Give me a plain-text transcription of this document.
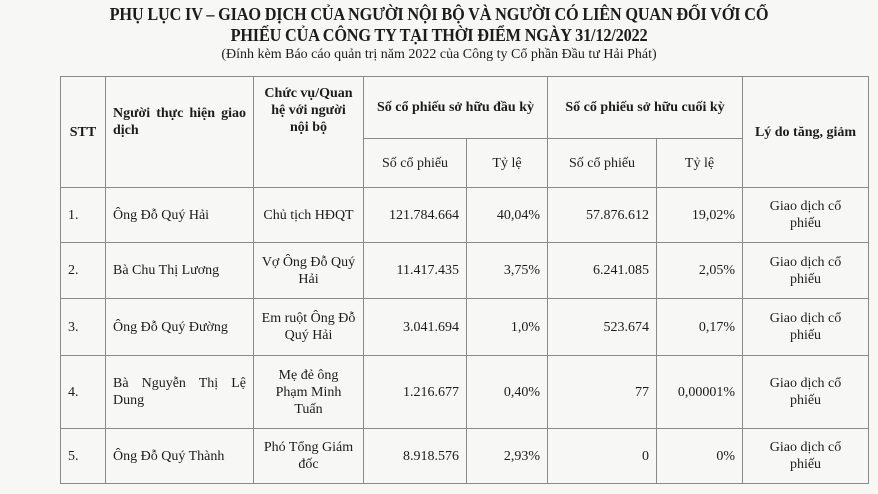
PHỤ LỤC IV – GIAO DỊCH CỦA NGƯỜI NỘI BỘ VÀ NGƯỜI CÓ LIÊN QUAN ĐỐI VỚI CỔ
PHIẾU CỦA CÔNG TY TẠI THỜI ĐIỂM NGÀY 31/12/2022
(Đính kèm Báo cáo quản trị năm 2022 của Công ty Cổ phần Đầu tư Hải Phát)
STT	Người thực hiện giao dịch	Chức vụ/Quan hệ với người nội bộ	Số cổ phiếu sở hữu đầu kỳ		Số cổ phiếu sở hữu cuối kỳ		Lý do tăng, giảm
			Số cổ phiếu	Tỷ lệ	Số cổ phiếu	Tỷ lệ	
1.	Ông Đỗ Quý Hải	Chủ tịch HĐQT	121.784.664	40,04%	57.876.612	19,02%	Giao dịch cổ phiếu
2.	Bà Chu Thị Lương	Vợ Ông Đỗ Quý Hải	11.417.435	3,75%	6.241.085	2,05%	Giao dịch cổ phiếu
3.	Ông Đỗ Quý Đường	Em ruột Ông Đỗ Quý Hải	3.041.694	1,0%	523.674	0,17%	Giao dịch cổ phiếu
4.	Bà Nguyễn Thị Lệ Dung	Mẹ đẻ ông Phạm Minh Tuấn	1.216.677	0,40%	77	0,00001%	Giao dịch cổ phiếu
5.	Ông Đỗ Quý Thành	Phó Tổng Giám đốc	8.918.576	2,93%	0	0%	Giao dịch cổ phiếu
